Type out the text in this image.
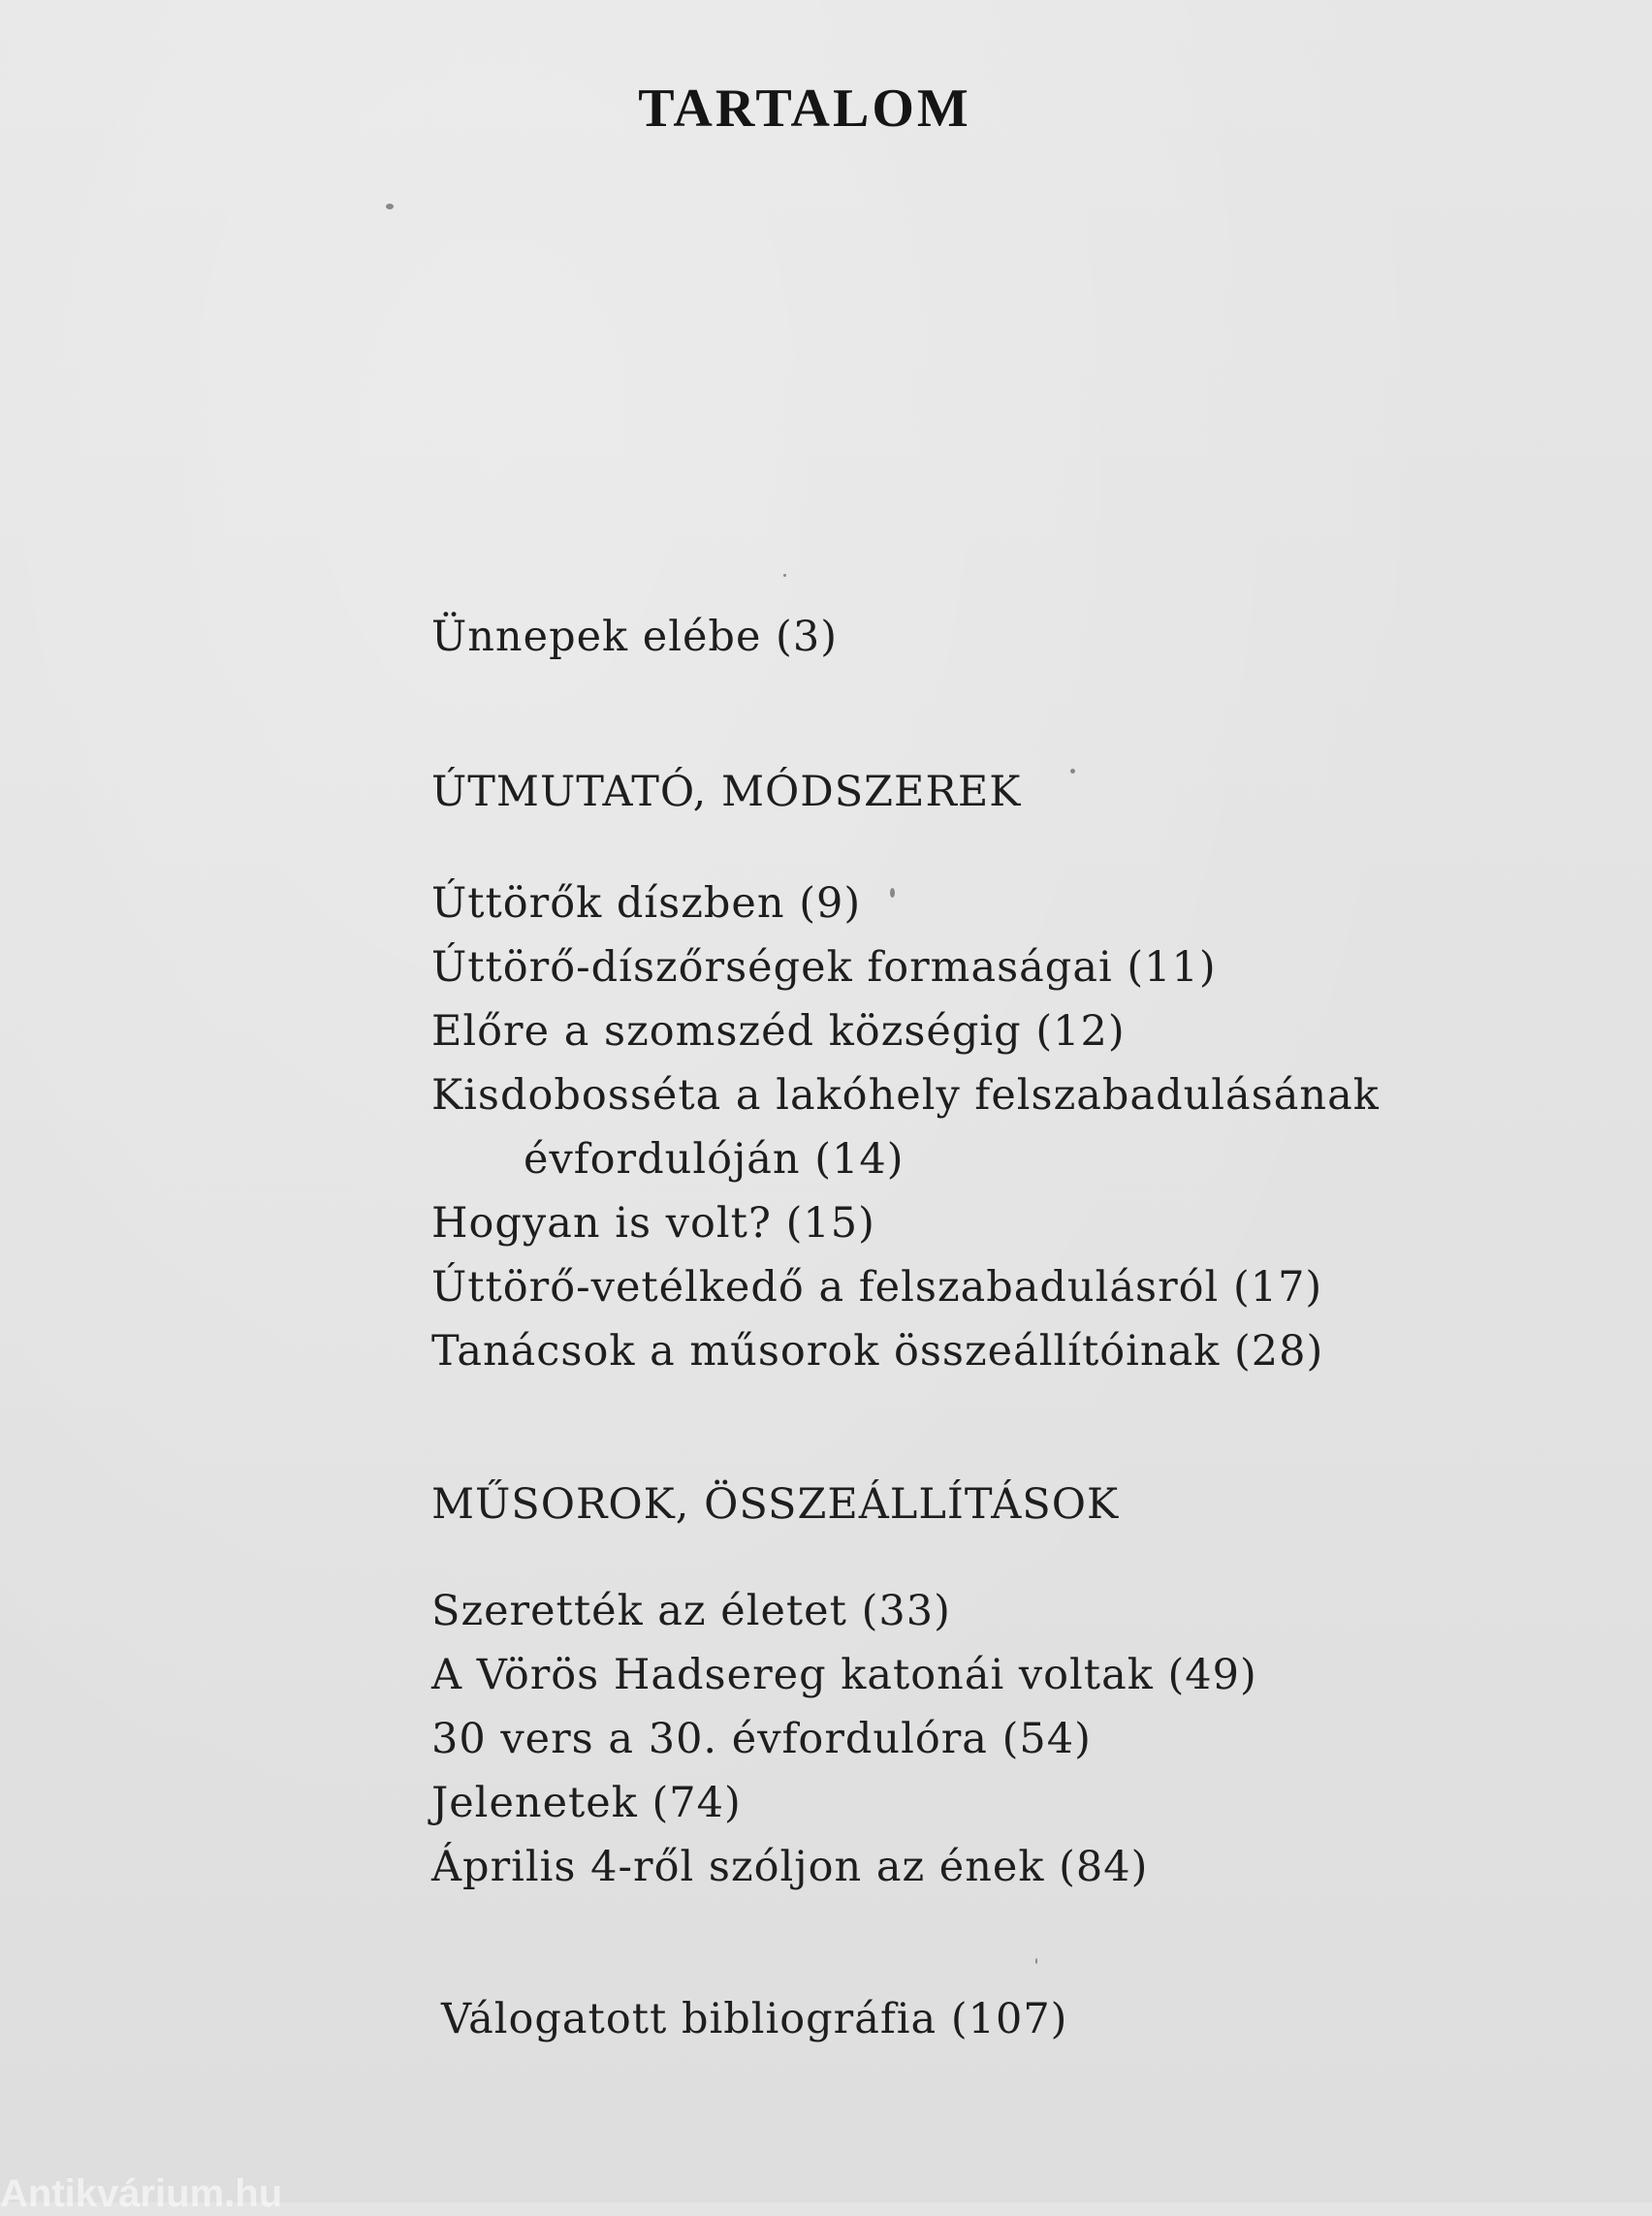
TARTALOM
Ünnepek elébe (3)
ÚTMUTATÓ, MÓDSZEREK
Úttörők díszben (9)
Úttörő-díszőrségek formaságai (11)
Előre a szomszéd községig (12)
Kisdobosséta a lakóhely felszabadulásának
évfordulóján (14)
Hogyan is volt? (15)
Úttörő-vetélkedő a felszabadulásról (17)
Tanácsok a műsorok összeállítóinak (28)
MŰSOROK, ÖSSZEÁLLÍTÁSOK
Szerették az életet (33)
A Vörös Hadsereg katonái voltak (49)
30 vers a 30. évfordulóra (54)
Jelenetek (74)
Április 4-ről szóljon az ének (84)
Válogatott bibliográfia (107)
Antikvárium.hu
